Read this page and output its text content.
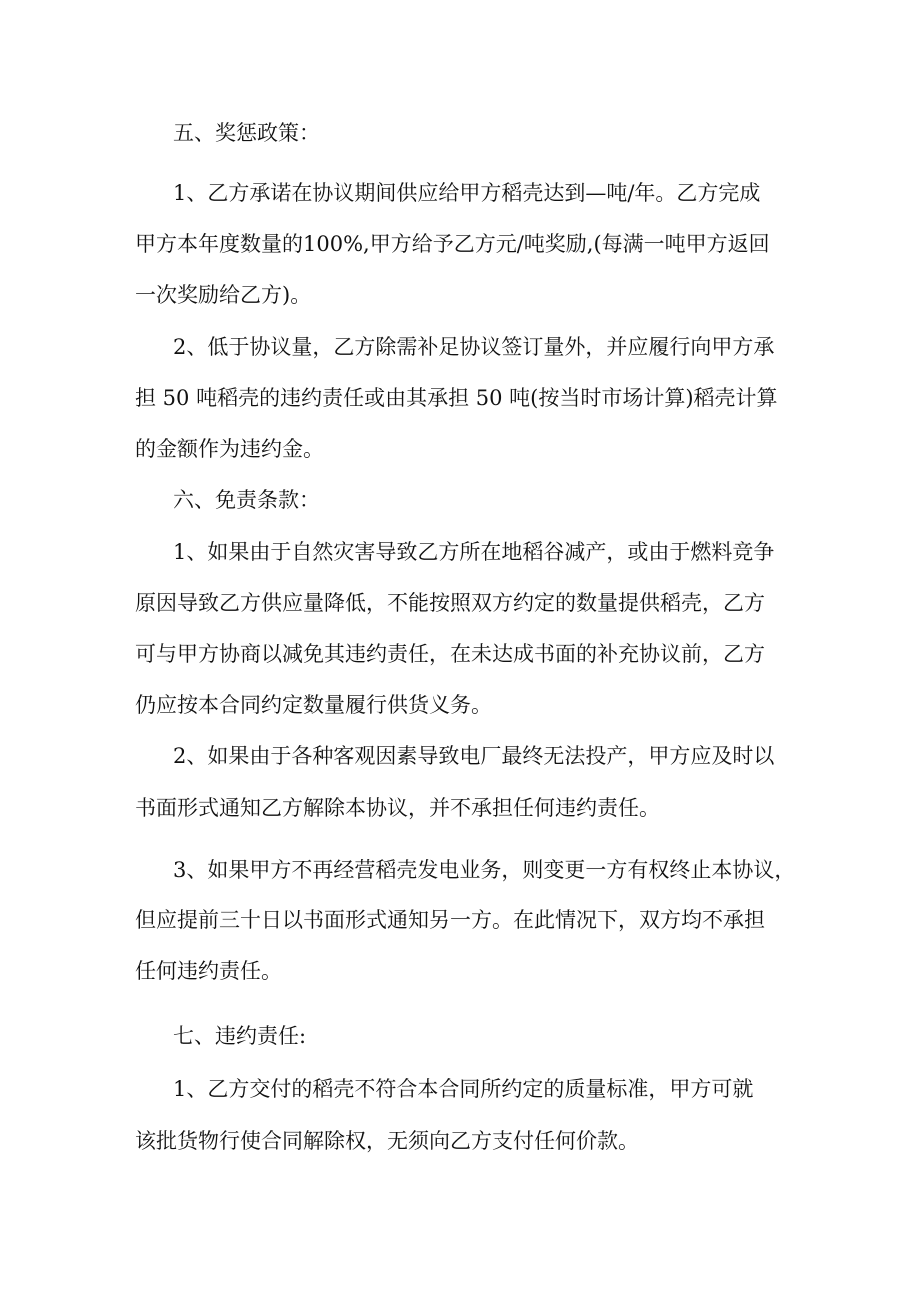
五、奖惩政策：

1、乙方承诺在协议期间供应给甲方稻壳达到—吨/年。乙方完成

甲方本年度数量的100%,甲方给予乙方元/吨奖励,(每满一吨甲方返回

一次奖励给乙方)。

2、低于协议量，乙方除需补足协议签订量外，并应履行向甲方承

担 50 吨稻壳的违约责任或由其承担 50 吨(按当时市场计算)稻壳计算

的金额作为违约金。

六、免责条款：

1、如果由于自然灾害导致乙方所在地稻谷减产，或由于燃料竞争

原因导致乙方供应量降低，不能按照双方约定的数量提供稻壳，乙方

可与甲方协商以减免其违约责任，在未达成书面的补充协议前，乙方

仍应按本合同约定数量履行供货义务。

2、如果由于各种客观因素导致电厂最终无法投产，甲方应及时以

书面形式通知乙方解除本协议，并不承担任何违约责任。

3、如果甲方不再经营稻壳发电业务，则变更一方有权终止本协议，

但应提前三十日以书面形式通知另一方。在此情况下，双方均不承担

任何违约责任。

七、违约责任:

1、乙方交付的稻壳不符合本合同所约定的质量标准，甲方可就

该批货物行使合同解除权，无须向乙方支付任何价款。
